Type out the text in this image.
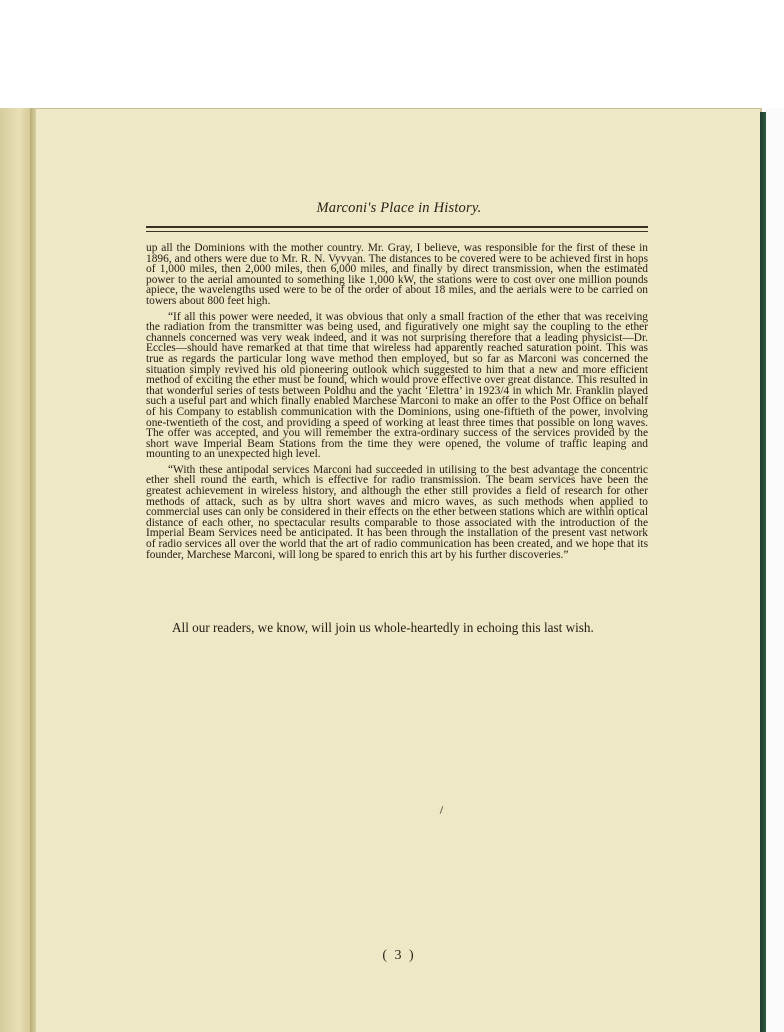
Marconi's Place in History.

up all the Dominions with the mother country. Mr. Gray, I believe, was responsible for the first of these in 1896, and others were due to Mr. R. N. Vyvyan. The distances to be covered were to be achieved first in hops of 1,000 miles, then 2,000 miles, then 6,000 miles, and finally by direct transmission, when the estimated power to the aerial amounted to something like 1,000 kW, the stations were to cost over one million pounds apiece, the wavelengths used were to be of the order of about 18 miles, and the aerials were to be carried on towers about 800 feet high.

“If all this power were needed, it was obvious that only a small fraction of the ether that was receiving the radiation from the transmitter was being used, and figuratively one might say the coupling to the ether channels concerned was very weak indeed, and it was not surprising therefore that a leading physicist—Dr. Eccles—should have remarked at that time that wireless had apparently reached saturation point. This was true as regards the particular long wave method then employed, but so far as Marconi was concerned the situation simply revived his old pioneering outlook which suggested to him that a new and more efficient method of exciting the ether must be found, which would prove effective over great distance. This resulted in that wonderful series of tests between Poldhu and the yacht ‘Elettra’ in 1923/4 in which Mr. Franklin played such a useful part and which finally enabled Marchese Marconi to make an offer to the Post Office on behalf of his Company to establish communication with the Dominions, using one-fiftieth of the power, involving one-twentieth of the cost, and providing a speed of working at least three times that possible on long waves. The offer was accepted, and you will remember the extra-ordinary success of the services provided by the short wave Imperial Beam Stations from the time they were opened, the volume of traffic leaping and mounting to an unexpected high level.

“With these antipodal services Marconi had succeeded in utilising to the best advantage the concentric ether shell round the earth, which is effective for radio transmission. The beam services have been the greatest achievement in wireless history, and although the ether still provides a field of research for other methods of attack, such as by ultra short waves and micro waves, as such methods when applied to commercial uses can only be considered in their effects on the ether between stations which are within optical distance of each other, no spectacular results comparable to those associated with the introduction of the Imperial Beam Services need be anticipated. It has been through the installation of the present vast network of radio services all over the world that the art of radio communication has been created, and we hope that its founder, Marchese Marconi, will long be spared to enrich this art by his further discoveries.”

All our readers, we know, will join us whole-heartedly in echoing this last wish.
( 3 )
